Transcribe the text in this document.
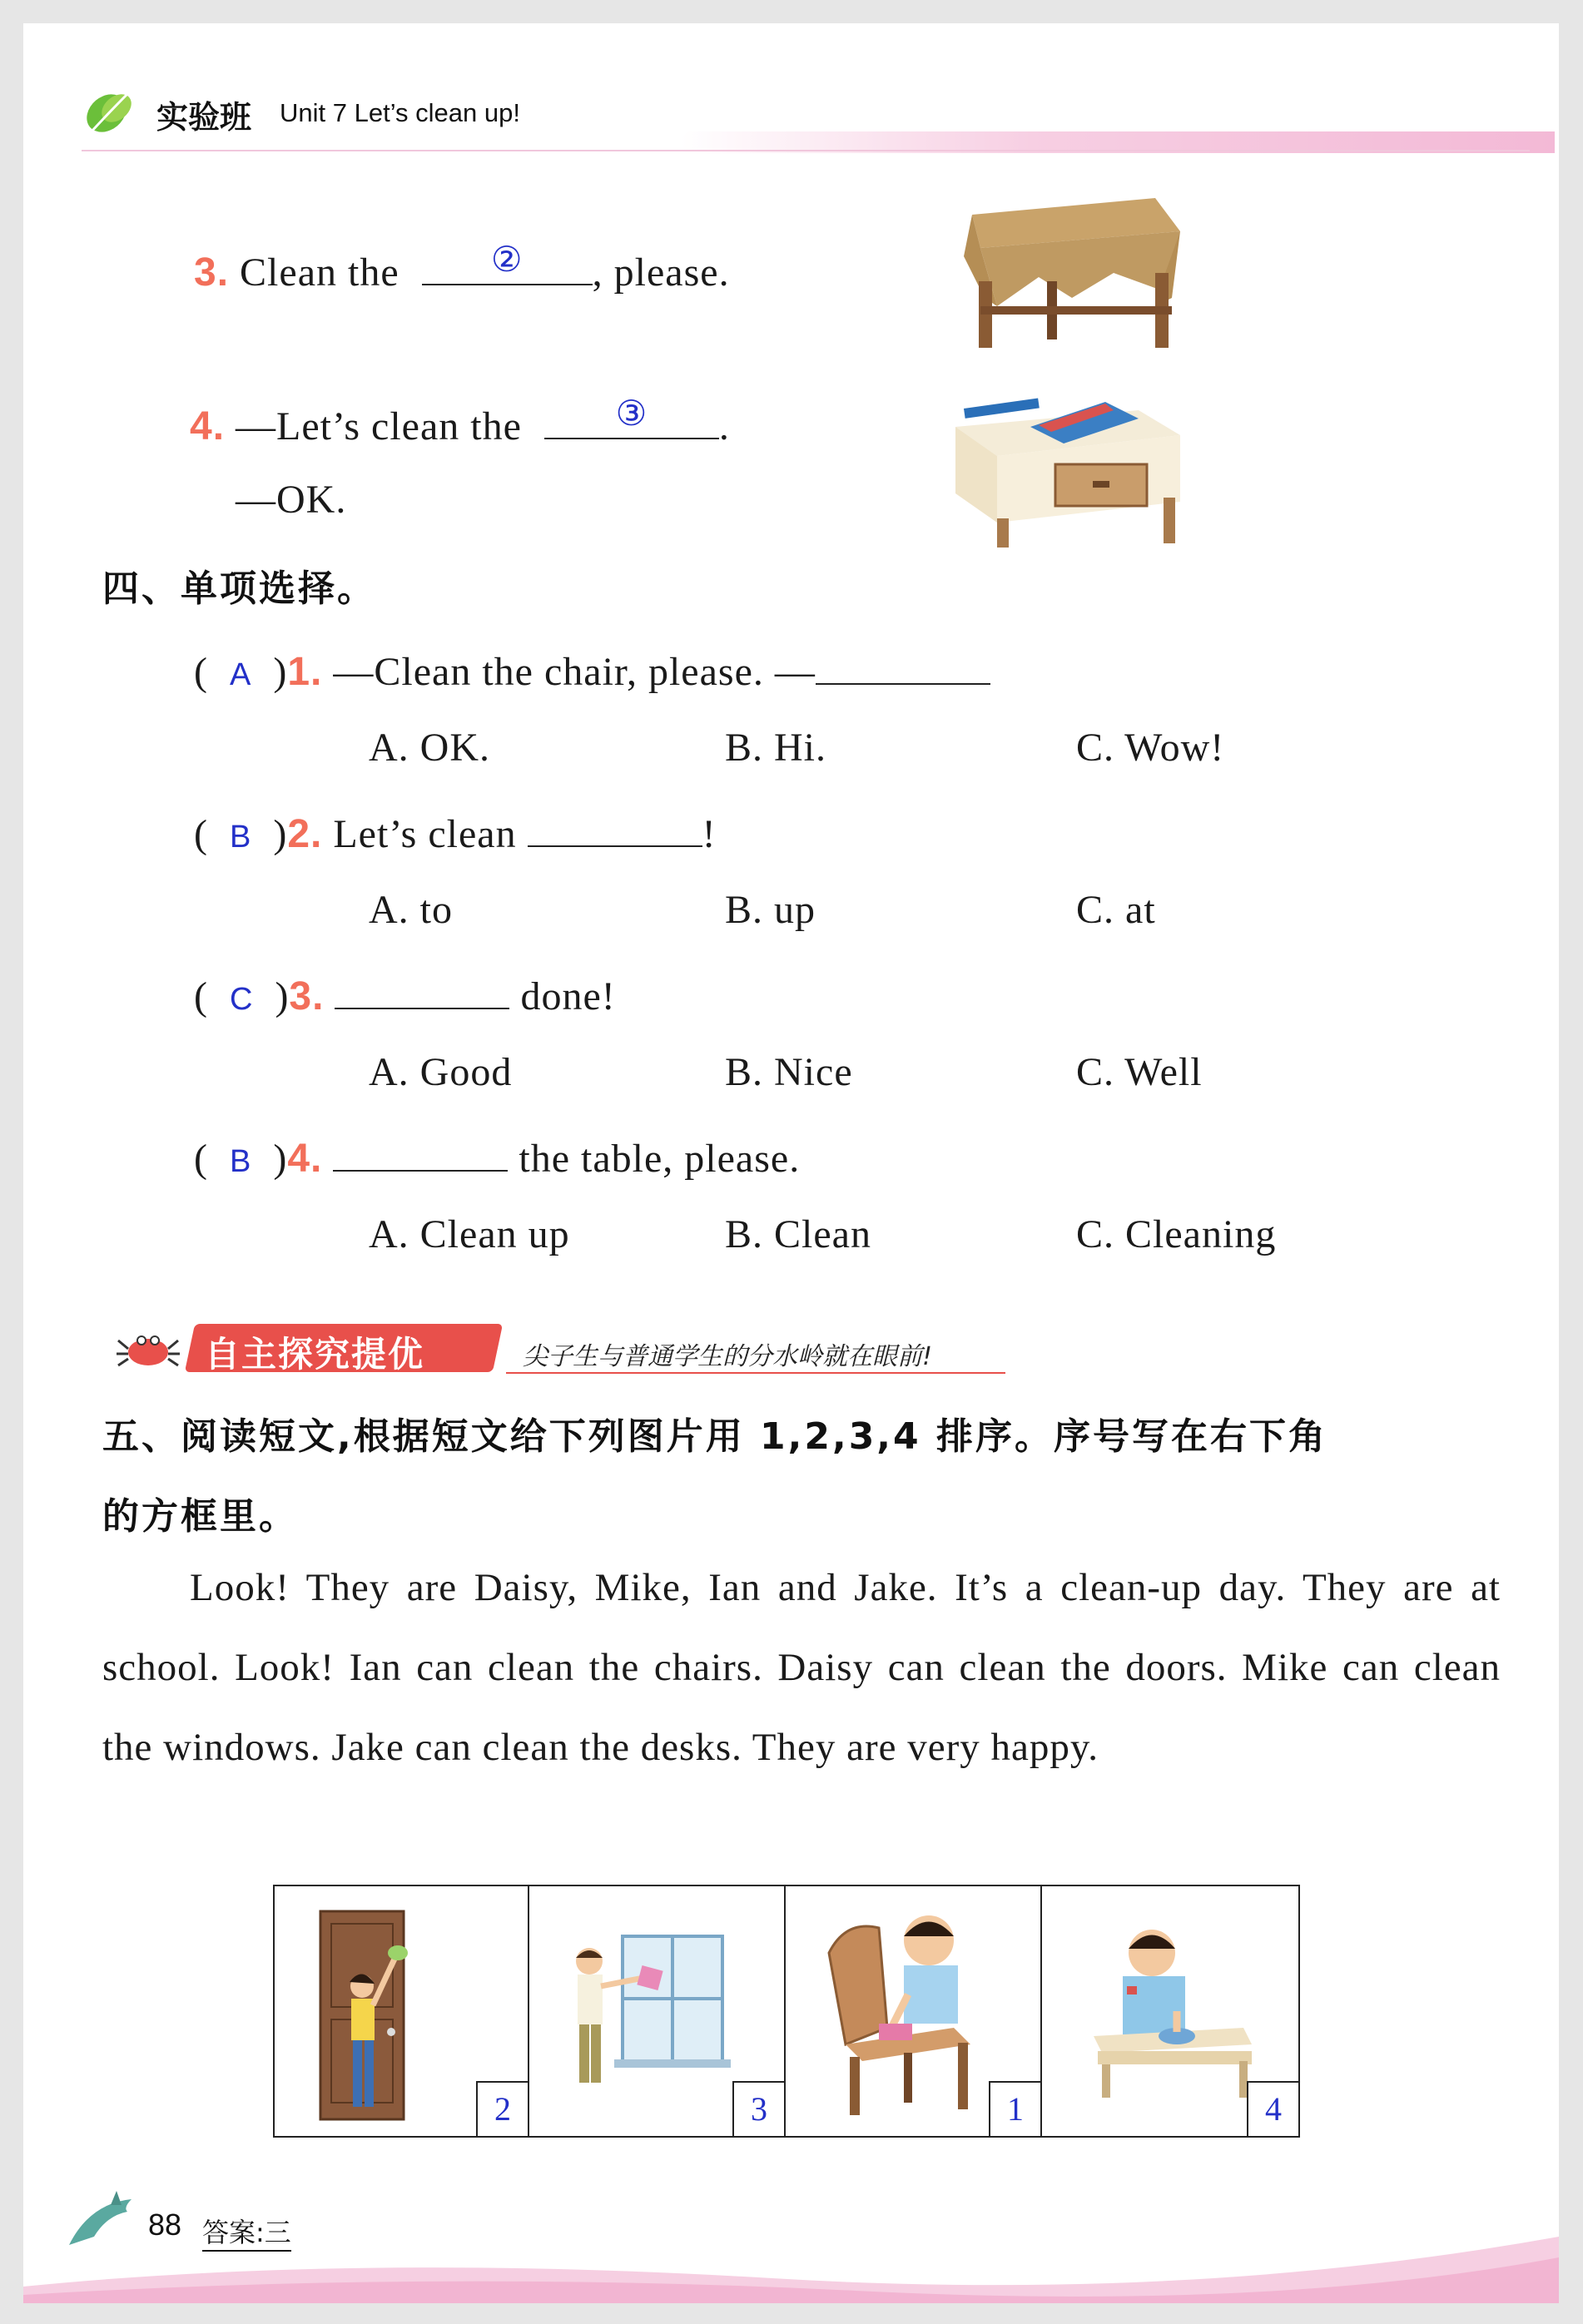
实验班 Unit 7 Let’s clean up!
3. Clean the	②	, please.
4. —Let’s clean the	③	.
—OK.
四、单项选择。
(  A  )1. —Clean the chair, please. —
A. OK.	B. Hi.	C. Wow!
(  B  )2. Let’s clean	!
A. to	B. up	C. at
(  C  )3.	done!
A. Good	B. Nice	C. Well
(  B  )4.	the table, please.
A. Clean up	B. Clean	C. Cleaning
自主探究提优	尖子生与普通学生的分水岭就在眼前!
五、阅读短文,根据短文给下列图片用 1,2,3,4 排序。序号写在右下角
的方框里。
Look! They are Daisy, Mike, Ian and Jake. It’s a clean-up day. They are at school. Look! Ian can clean the chairs. Daisy can clean the doors. Mike can clean the windows. Jake can clean the desks. They are very happy.
2	3	1	4
88 答案:三
